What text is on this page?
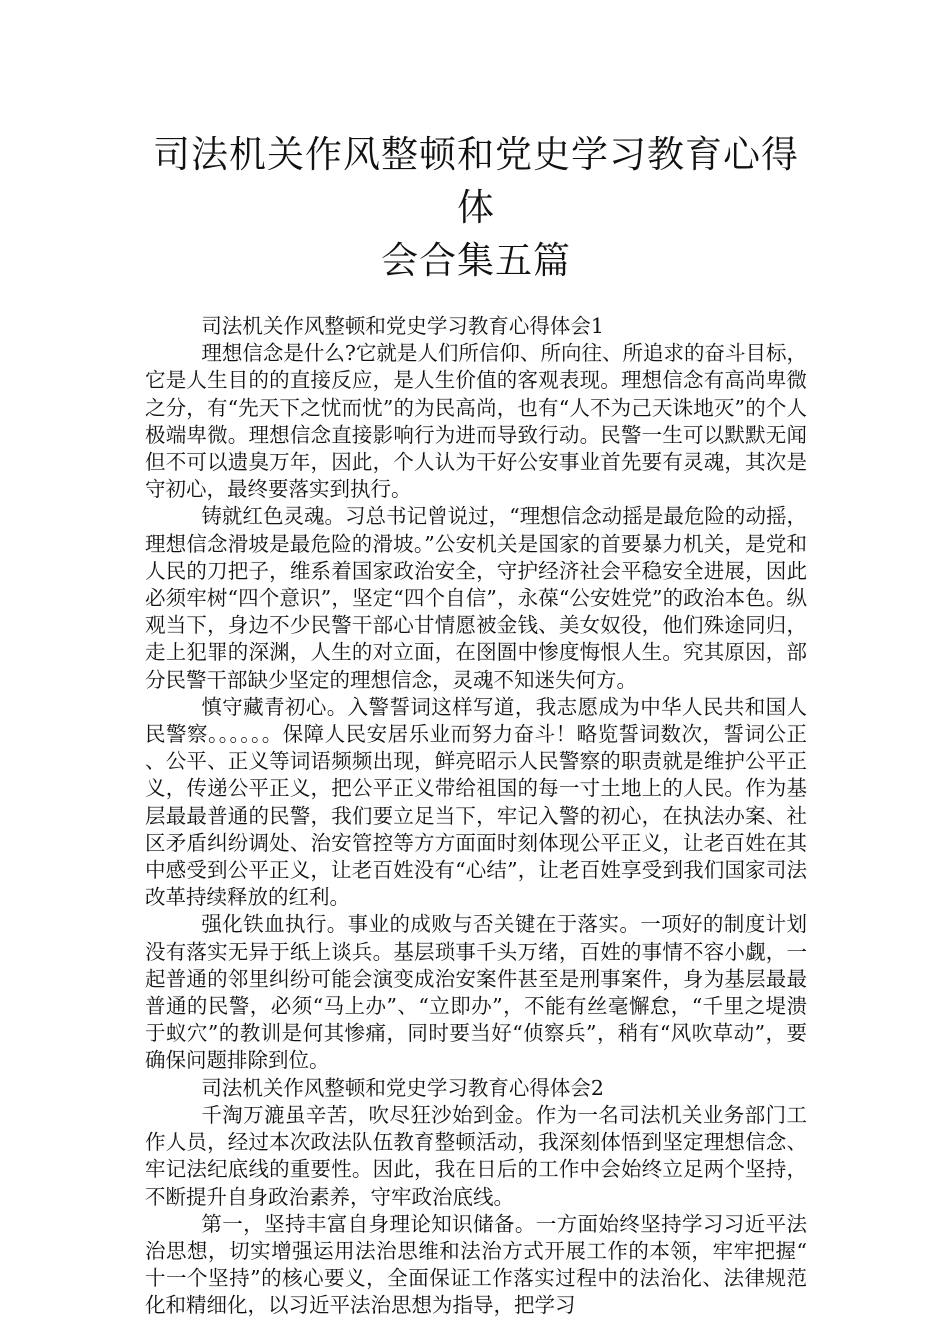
司法机关作风整顿和党史学习教育心得体
会合集五篇

司法机关作风整顿和党史学习教育心得体会1

理想信念是什么?它就是人们所信仰、所向往、所追求的奋斗目标，它是人生目的的直接反应，是人生价值的客观表现。理想信念有高尚卑微之分，有“先天下之忧而忧”的为民高尚，也有“人不为己天诛地灭”的个人极端卑微。理想信念直接影响行为进而导致行动。民警一生可以默默无闻但不可以遗臭万年，因此，个人认为干好公安事业首先要有灵魂，其次是守初心，最终要落实到执行。

铸就红色灵魂。习总书记曾说过，“理想信念动摇是最危险的动摇，理想信念滑坡是最危险的滑坡。”公安机关是国家的首要暴力机关，是党和人民的刀把子，维系着国家政治安全，守护经济社会平稳安全进展，因此必须牢树“四个意识”，坚定“四个自信”，永葆“公安姓党”的政治本色。纵观当下，身边不少民警干部心甘情愿被金钱、美女奴役，他们殊途同归，走上犯罪的深渊，人生的对立面，在囹圄中惨度悔恨人生。究其原因，部分民警干部缺少坚定的理想信念，灵魂不知迷失何方。

慎守藏青初心。入警誓词这样写道，我志愿成为中华人民共和国人民警察。。。。。。保障人民安居乐业而努力奋斗！略览誓词数次，誓词公正、公平、正义等词语频频出现，鲜亮昭示人民警察的职责就是维护公平正义，传递公平正义，把公平正义带给祖国的每一寸土地上的人民。作为基层最最普通的民警，我们要立足当下，牢记入警的初心，在执法办案、社区矛盾纠纷调处、治安管控等方方面面时刻体现公平正义，让老百姓在其中感受到公平正义，让老百姓没有“心结”，让老百姓享受到我们国家司法改革持续释放的红利。

强化铁血执行。事业的成败与否关键在于落实。一项好的制度计划没有落实无异于纸上谈兵。基层琐事千头万绪，百姓的事情不容小觑，一起普通的邻里纠纷可能会演变成治安案件甚至是刑事案件，身为基层最最普通的民警，必须“马上办”、“立即办”，不能有丝毫懈怠，“千里之堤溃于蚁穴”的教训是何其惨痛，同时要当好“侦察兵”，稍有“风吹草动”，要确保问题排除到位。

司法机关作风整顿和党史学习教育心得体会2

千淘万漉虽辛苦，吹尽狂沙始到金。作为一名司法机关业务部门工作人员，经过本次政法队伍教育整顿活动，我深刻体悟到坚定理想信念、牢记法纪底线的重要性。因此，我在日后的工作中会始终立足两个坚持，不断提升自身政治素养，守牢政治底线。

第一，坚持丰富自身理论知识储备。一方面始终坚持学习习近平法治思想，切实增强运用法治思维和法治方式开展工作的本领，牢牢把握“十一个坚持”的核心要义，全面保证工作落实过程中的法治化、法律规范化和精细化，以习近平法治思想为指导，把学习
